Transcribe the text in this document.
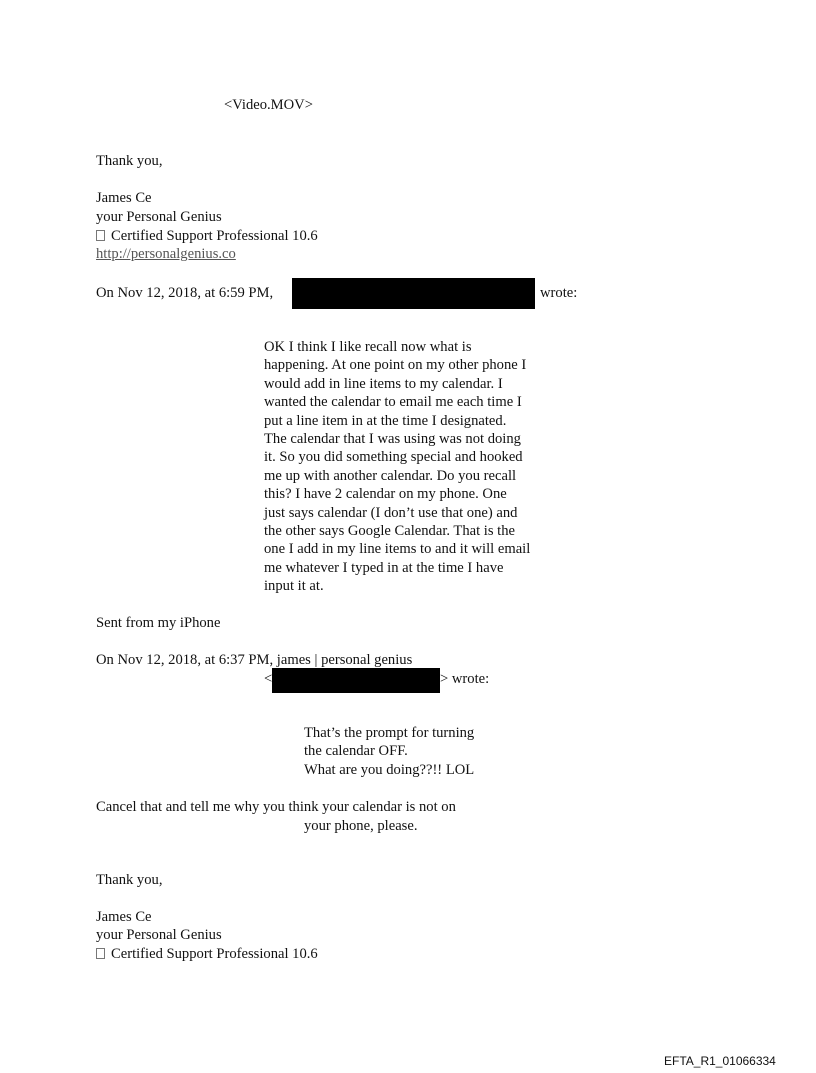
<Video.MOV>
Thank you,
James Ce
your Personal Genius
Certified Support Professional 10.6
http://personalgenius.co
On Nov 12, 2018, at 6:59 PM,	wrote:
OK I think I like recall now what is
happening. At one point on my other phone I
would add in line items to my calendar. I
wanted the calendar to email me each time I
put a line item in at the time I designated.
The calendar that I was using was not doing
it. So you did something special and hooked
me up with another calendar. Do you recall
this? I have 2 calendar on my phone. One
just says calendar (I don’t use that one) and
the other says Google Calendar. That is the
one I add in my line items to and it will email
me whatever I typed in at the time I have
input it at.
Sent from my iPhone
On Nov 12, 2018, at 6:37 PM, james | personal genius
<	> wrote:
That’s the prompt for turning
the calendar OFF.
What are you doing??!! LOL
Cancel that and tell me why you think your calendar is not on
your phone, please.
Thank you,
James Ce
your Personal Genius
Certified Support Professional 10.6
EFTA_R1_01066334
